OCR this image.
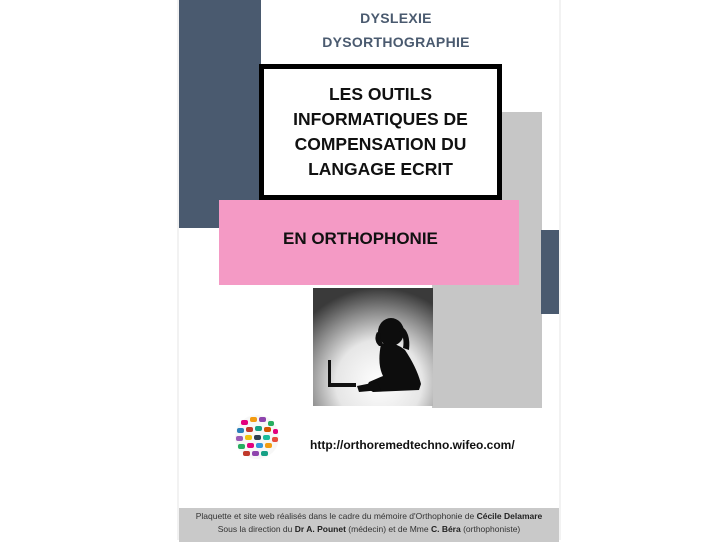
DYSLEXIE
DYSORTHOGRAPHIE
LES OUTILS
INFORMATIQUES DE
COMPENSATION DU
LANGAGE ECRIT
EN ORTHOPHONIE
http://orthoremedtechno.wifeo.com/
Plaquette et site web réalisés dans le cadre du mémoire d'Orthophonie de Cécile Delamare
Sous la direction du Dr A. Pounet (médecin) et de Mme C. Béra (orthophoniste)
